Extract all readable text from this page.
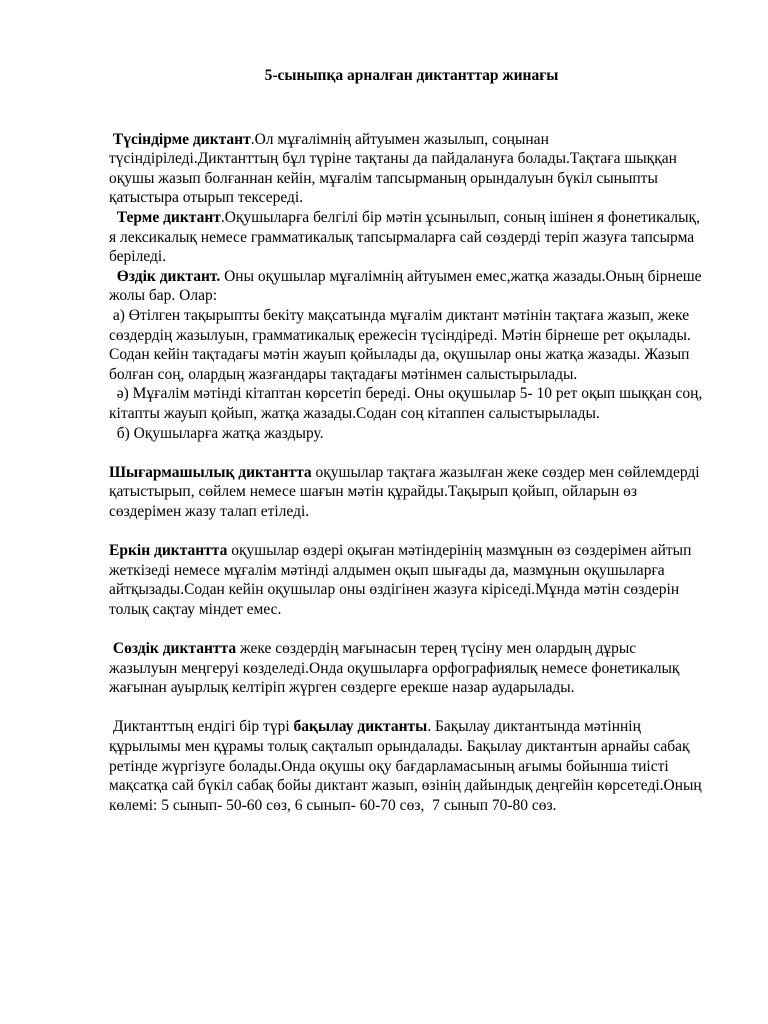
5-сыныпқа арналған диктанттар жинағы

Түсіндірме диктант.Ол мұғалімнің айтуымен жазылып, соңынан түсіндіріледі.Диктанттың бұл түріне тақтаны да пайдалануға болады.Тақтаға шыққан оқушы жазып болғаннан кейін, мұғалім тапсырманың орындалуын бүкіл сыныпты қатыстыра отырып тексереді.

Терме диктант.Оқушыларға белгілі бір мәтін ұсынылып, соның ішінен я фонетикалық, я лексикалық немесе грамматикалық тапсырмаларға сай сөздерді теріп жазуға тапсырма беріледі.

Өздік диктант. Оны оқушылар мұғалімнің айтуымен емес,жатқа жазады.Оның бірнеше жолы бар. Олар:

а) Өтілген тақырыпты бекіту мақсатында мұғалім диктант мәтінін тақтаға жазып, жеке сөздердің жазылуын, грамматикалық ережесін түсіндіреді. Мәтін бірнеше рет оқылады. Содан кейін тақтадағы мәтін жауып қойылады да, оқушылар оны жатқа жазады. Жазып болған соң, олардың жазғандары тақтадағы мәтінмен салыстырылады.

ә) Мұғалім мәтінді кітаптан көрсетіп береді. Оны оқушылар 5- 10 рет оқып шыққан соң, кітапты жауып қойып, жатқа жазады.Содан соң кітаппен салыстырылады.

б) Оқушыларға жатқа жаздыру.

Шығармашылық диктантта оқушылар тақтаға жазылған жеке сөздер мен сөйлемдерді қатыстырып, сөйлем немесе шағын мәтін құрайды.Тақырып қойып, ойларын өз сөздерімен жазу талап етіледі.

Еркін диктантта оқушылар өздері оқыған мәтіндерінің мазмұнын өз сөздерімен айтып жеткізеді немесе мұғалім мәтінді алдымен оқып шығады да, мазмұнын оқушыларға айтқызады.Содан кейін оқушылар оны өздігінен жазуға кіріседі.Мұнда мәтін сөздерін толық сақтау міндет емес.

Сөздік диктантта жеке сөздердің мағынасын терең түсіну мен олардың дұрыс жазылуын меңгеруі көзделеді.Онда оқушыларға орфографиялық немесе фонетикалық жағынан ауырлық келтіріп жүрген сөздерге ерекше назар аударылады.

Диктанттың ендігі бір түрі бақылау диктанты. Бақылау диктантында мәтіннің құрылымы мен құрамы толық сақталып орындалады. Бақылау диктантын арнайы сабақ ретінде жүргізуге болады.Онда оқушы оқу бағдарламасының ағымы бойынша тиісті мақсатқа сай бүкіл сабақ бойы диктант жазып, өзінің дайындық деңгейін көрсетеді.Оның көлемі: 5 сынып- 50-60 сөз, 6 сынып- 60-70 сөз,  7 сынып 70-80 сөз.
